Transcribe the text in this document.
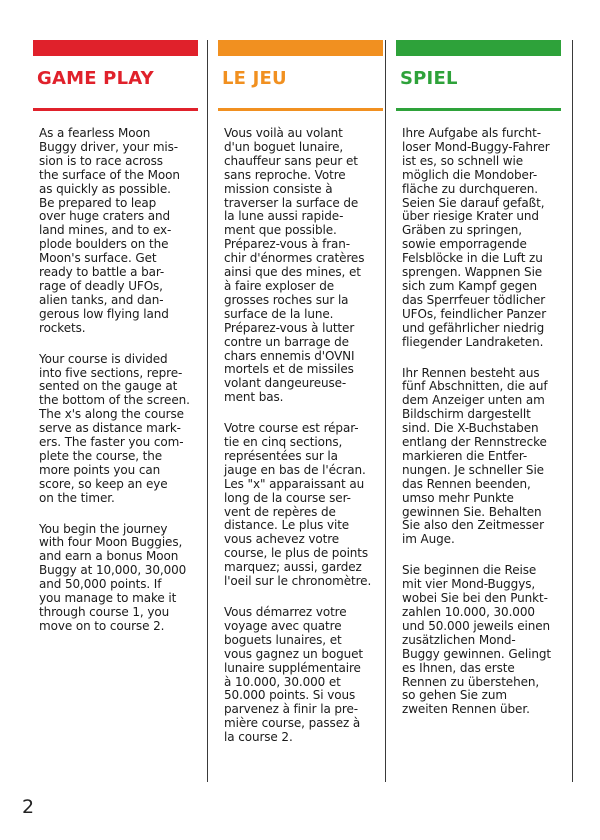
GAME PLAY

As a fearless Moon
Buggy driver, your mis-
sion is to race across
the surface of the Moon
as quickly as possible.
Be prepared to leap
over huge craters and
land mines, and to ex-
plode boulders on the
Moon's surface. Get
ready to battle a bar-
rage of deadly UFOs,
alien tanks, and dan-
gerous low flying land
rockets.

Your course is divided
into five sections, repre-
sented on the gauge at
the bottom of the screen.
The x's along the course
serve as distance mark-
ers. The faster you com-
plete the course, the
more points you can
score, so keep an eye
on the timer.

You begin the journey
with four Moon Buggies,
and earn a bonus Moon
Buggy at 10,000, 30,000
and 50,000 points. If
you manage to make it
through course 1, you
move on to course 2.

LE JEU

Vous voilà au volant
d'un boguet lunaire,
chauffeur sans peur et
sans reproche. Votre
mission consiste à
traverser la surface de
la lune aussi rapide-
ment que possible.
Préparez-vous à fran-
chir d'énormes cratères
ainsi que des mines, et
à faire exploser de
grosses roches sur la
surface de la lune.
Préparez-vous à lutter
contre un barrage de
chars ennemis d'OVNI
mortels et de missiles
volant dangeureuse-
ment bas.

Votre course est répar-
tie en cinq sections,
représentées sur la
jauge en bas de l'écran.
Les "x" apparaissant au
long de la course ser-
vent de repères de
distance. Le plus vite
vous achevez votre
course, le plus de points
marquez; aussi, gardez
l'oeil sur le chronomètre.

Vous démarrez votre
voyage avec quatre
boguets lunaires, et
vous gagnez un boguet
lunaire supplémentaire
à 10.000, 30.000 et
50.000 points. Si vous
parvenez à finir la pre-
mière course, passez à
la course 2.

SPIEL

Ihre Aufgabe als furcht-
loser Mond-Buggy-Fahrer
ist es, so schnell wie
möglich die Mondober-
fläche zu durchqueren.
Seien Sie darauf gefaßt,
über riesige Krater und
Gräben zu springen,
sowie emporragende
Felsblöcke in die Luft zu
sprengen. Wappnen Sie
sich zum Kampf gegen
das Sperrfeuer tödlicher
UFOs, feindlicher Panzer
und gefährlicher niedrig
fliegender Landraketen.

Ihr Rennen besteht aus
fünf Abschnitten, die auf
dem Anzeiger unten am
Bildschirm dargestellt
sind. Die X-Buchstaben
entlang der Rennstrecke
markieren die Entfer-
nungen. Je schneller Sie
das Rennen beenden,
umso mehr Punkte
gewinnen Sie. Behalten
Sie also den Zeitmesser
im Auge.

Sie beginnen die Reise
mit vier Mond-Buggys,
wobei Sie bei den Punkt-
zahlen 10.000, 30.000
und 50.000 jeweils einen
zusätzlichen Mond-
Buggy gewinnen. Gelingt
es Ihnen, das erste
Rennen zu überstehen,
so gehen Sie zum
zweiten Rennen über.

2
